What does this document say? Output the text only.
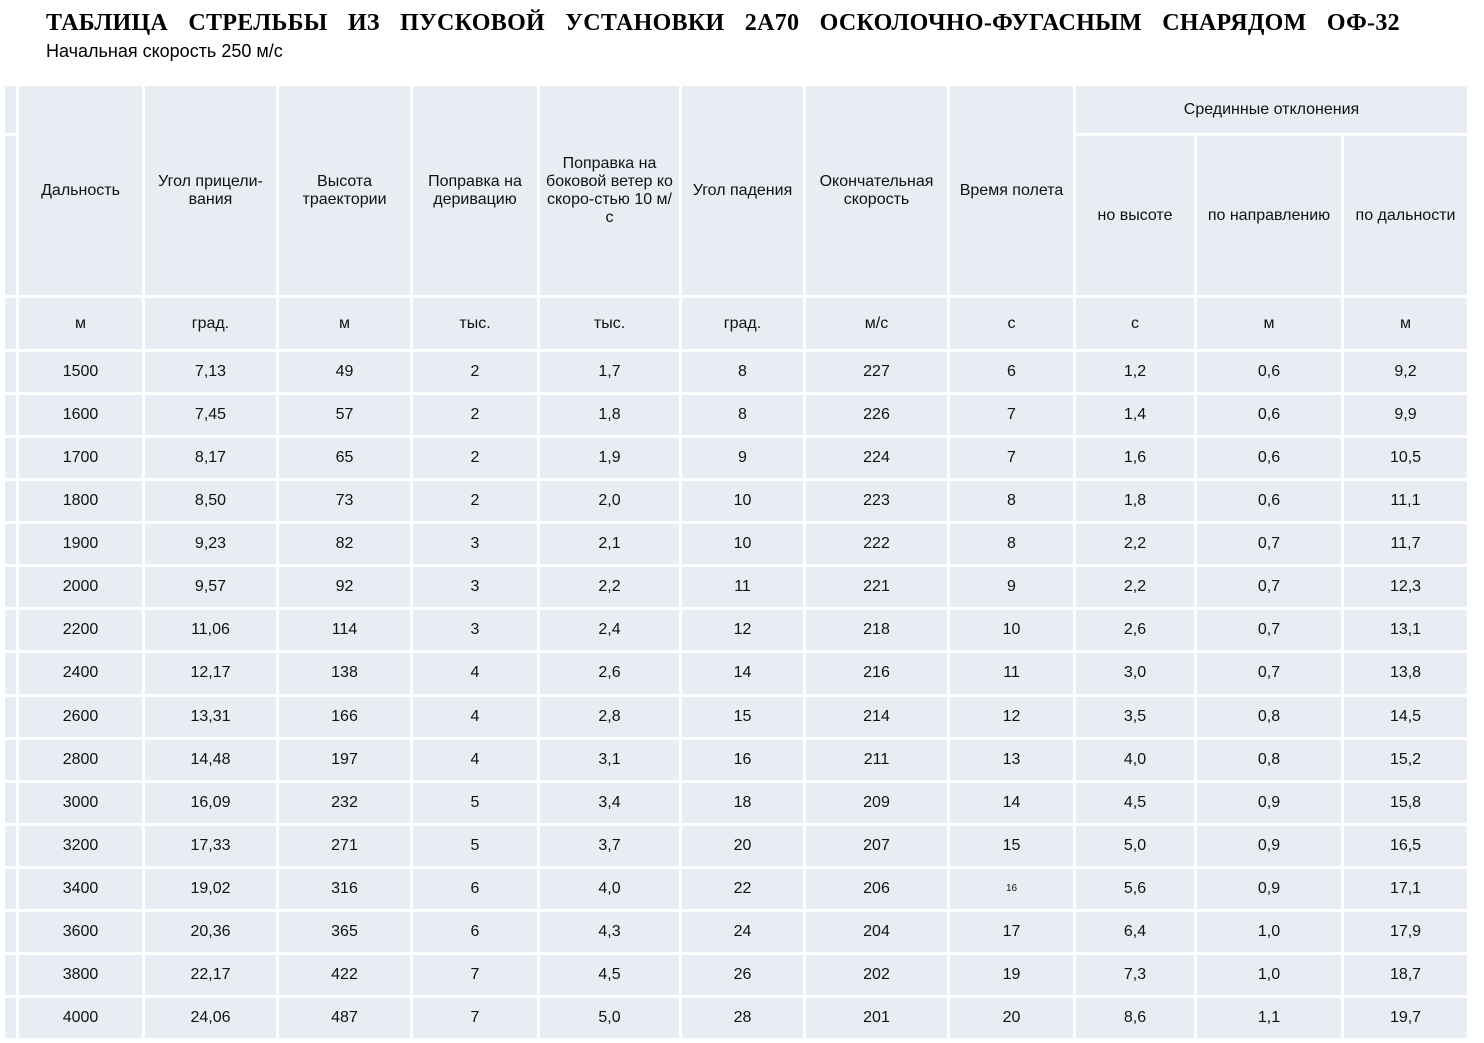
ТАБЛИЦА СТРЕЛЬБЫ ИЗ ПУСКОВОЙ УСТАНОВКИ 2А70 ОСКОЛОЧНО-ФУГАСНЫМ СНАРЯДОМ ОФ-32
Начальная скорость 250 м/с
	Дальность	Угол прицели-вания	Высота траектории	Поправка на деривацию	Поправка на боковой ветер ко скоро-стью 10 м/с	Угол падения	Окончательная скорость	Время полета	Срединные отклонения		
									но высоте	по направлению	по дальности
	м	град.	м	тыс.	тыс.	град.	м/с	с	с	м	м
	1500	7,13	49	2	1,7	8	227	6	1,2	0,6	9,2
	1600	7,45	57	2	1,8	8	226	7	1,4	0,6	9,9
	1700	8,17	65	2	1,9	9	224	7	1,6	0,6	10,5
	1800	8,50	73	2	2,0	10	223	8	1,8	0,6	11,1
	1900	9,23	82	3	2,1	10	222	8	2,2	0,7	11,7
	2000	9,57	92	3	2,2	11	221	9	2,2	0,7	12,3
	2200	11,06	114	3	2,4	12	218	10	2,6	0,7	13,1
	2400	12,17	138	4	2,6	14	216	11	3,0	0,7	13,8
	2600	13,31	166	4	2,8	15	214	12	3,5	0,8	14,5
	2800	14,48	197	4	3,1	16	211	13	4,0	0,8	15,2
	3000	16,09	232	5	3,4	18	209	14	4,5	0,9	15,8
	3200	17,33	271	5	3,7	20	207	15	5,0	0,9	16,5
	3400	19,02	316	6	4,0	22	206	16	5,6	0,9	17,1
	3600	20,36	365	6	4,3	24	204	17	6,4	1,0	17,9
	3800	22,17	422	7	4,5	26	202	19	7,3	1,0	18,7
	4000	24,06	487	7	5,0	28	201	20	8,6	1,1	19,7
